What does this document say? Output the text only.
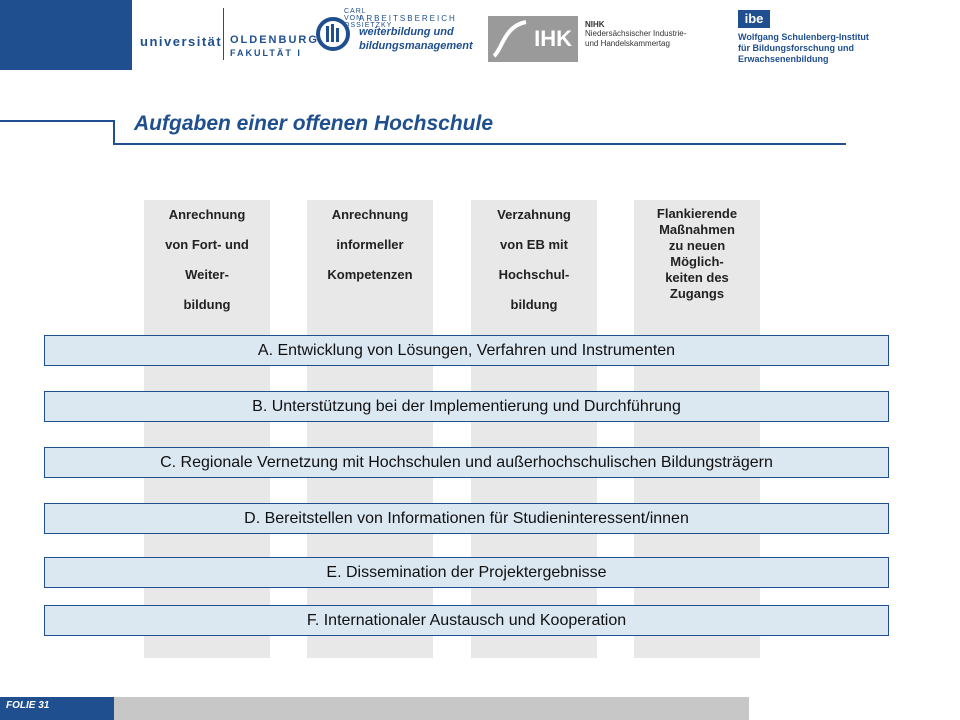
CARL VON OSSIETZKY
universität OLDENBURG
FAKULTÄT I
ARBEITSBEREICH
weiterbildung und
bildungsmanagement	IHK
NIHK
Niedersächsischer Industrie-
und Handelskammertag
ibe
Wolfgang Schulenberg-Institut
für Bildungsforschung und
Erwachsenenbildung
Aufgaben einer offenen Hochschule
Anrechnung
von Fort- und
Weiter-
bildung
Anrechnung
informeller
Kompetenzen
Verzahnung
von EB mit
Hochschul-
bildung
Flankierende
Maßnahmen
zu neuen
Möglich-
keiten des
Zugangs
A. Entwicklung von Lösungen, Verfahren und Instrumenten
B. Unterstützung bei der Implementierung und Durchführung
C. Regionale Vernetzung mit Hochschulen und außerhochschulischen Bildungsträgern
D. Bereitstellen von Informationen für Studieninteressent/innen
E. Dissemination der Projektergebnisse
F. Internationaler Austausch und Kooperation
FOLIE 31
